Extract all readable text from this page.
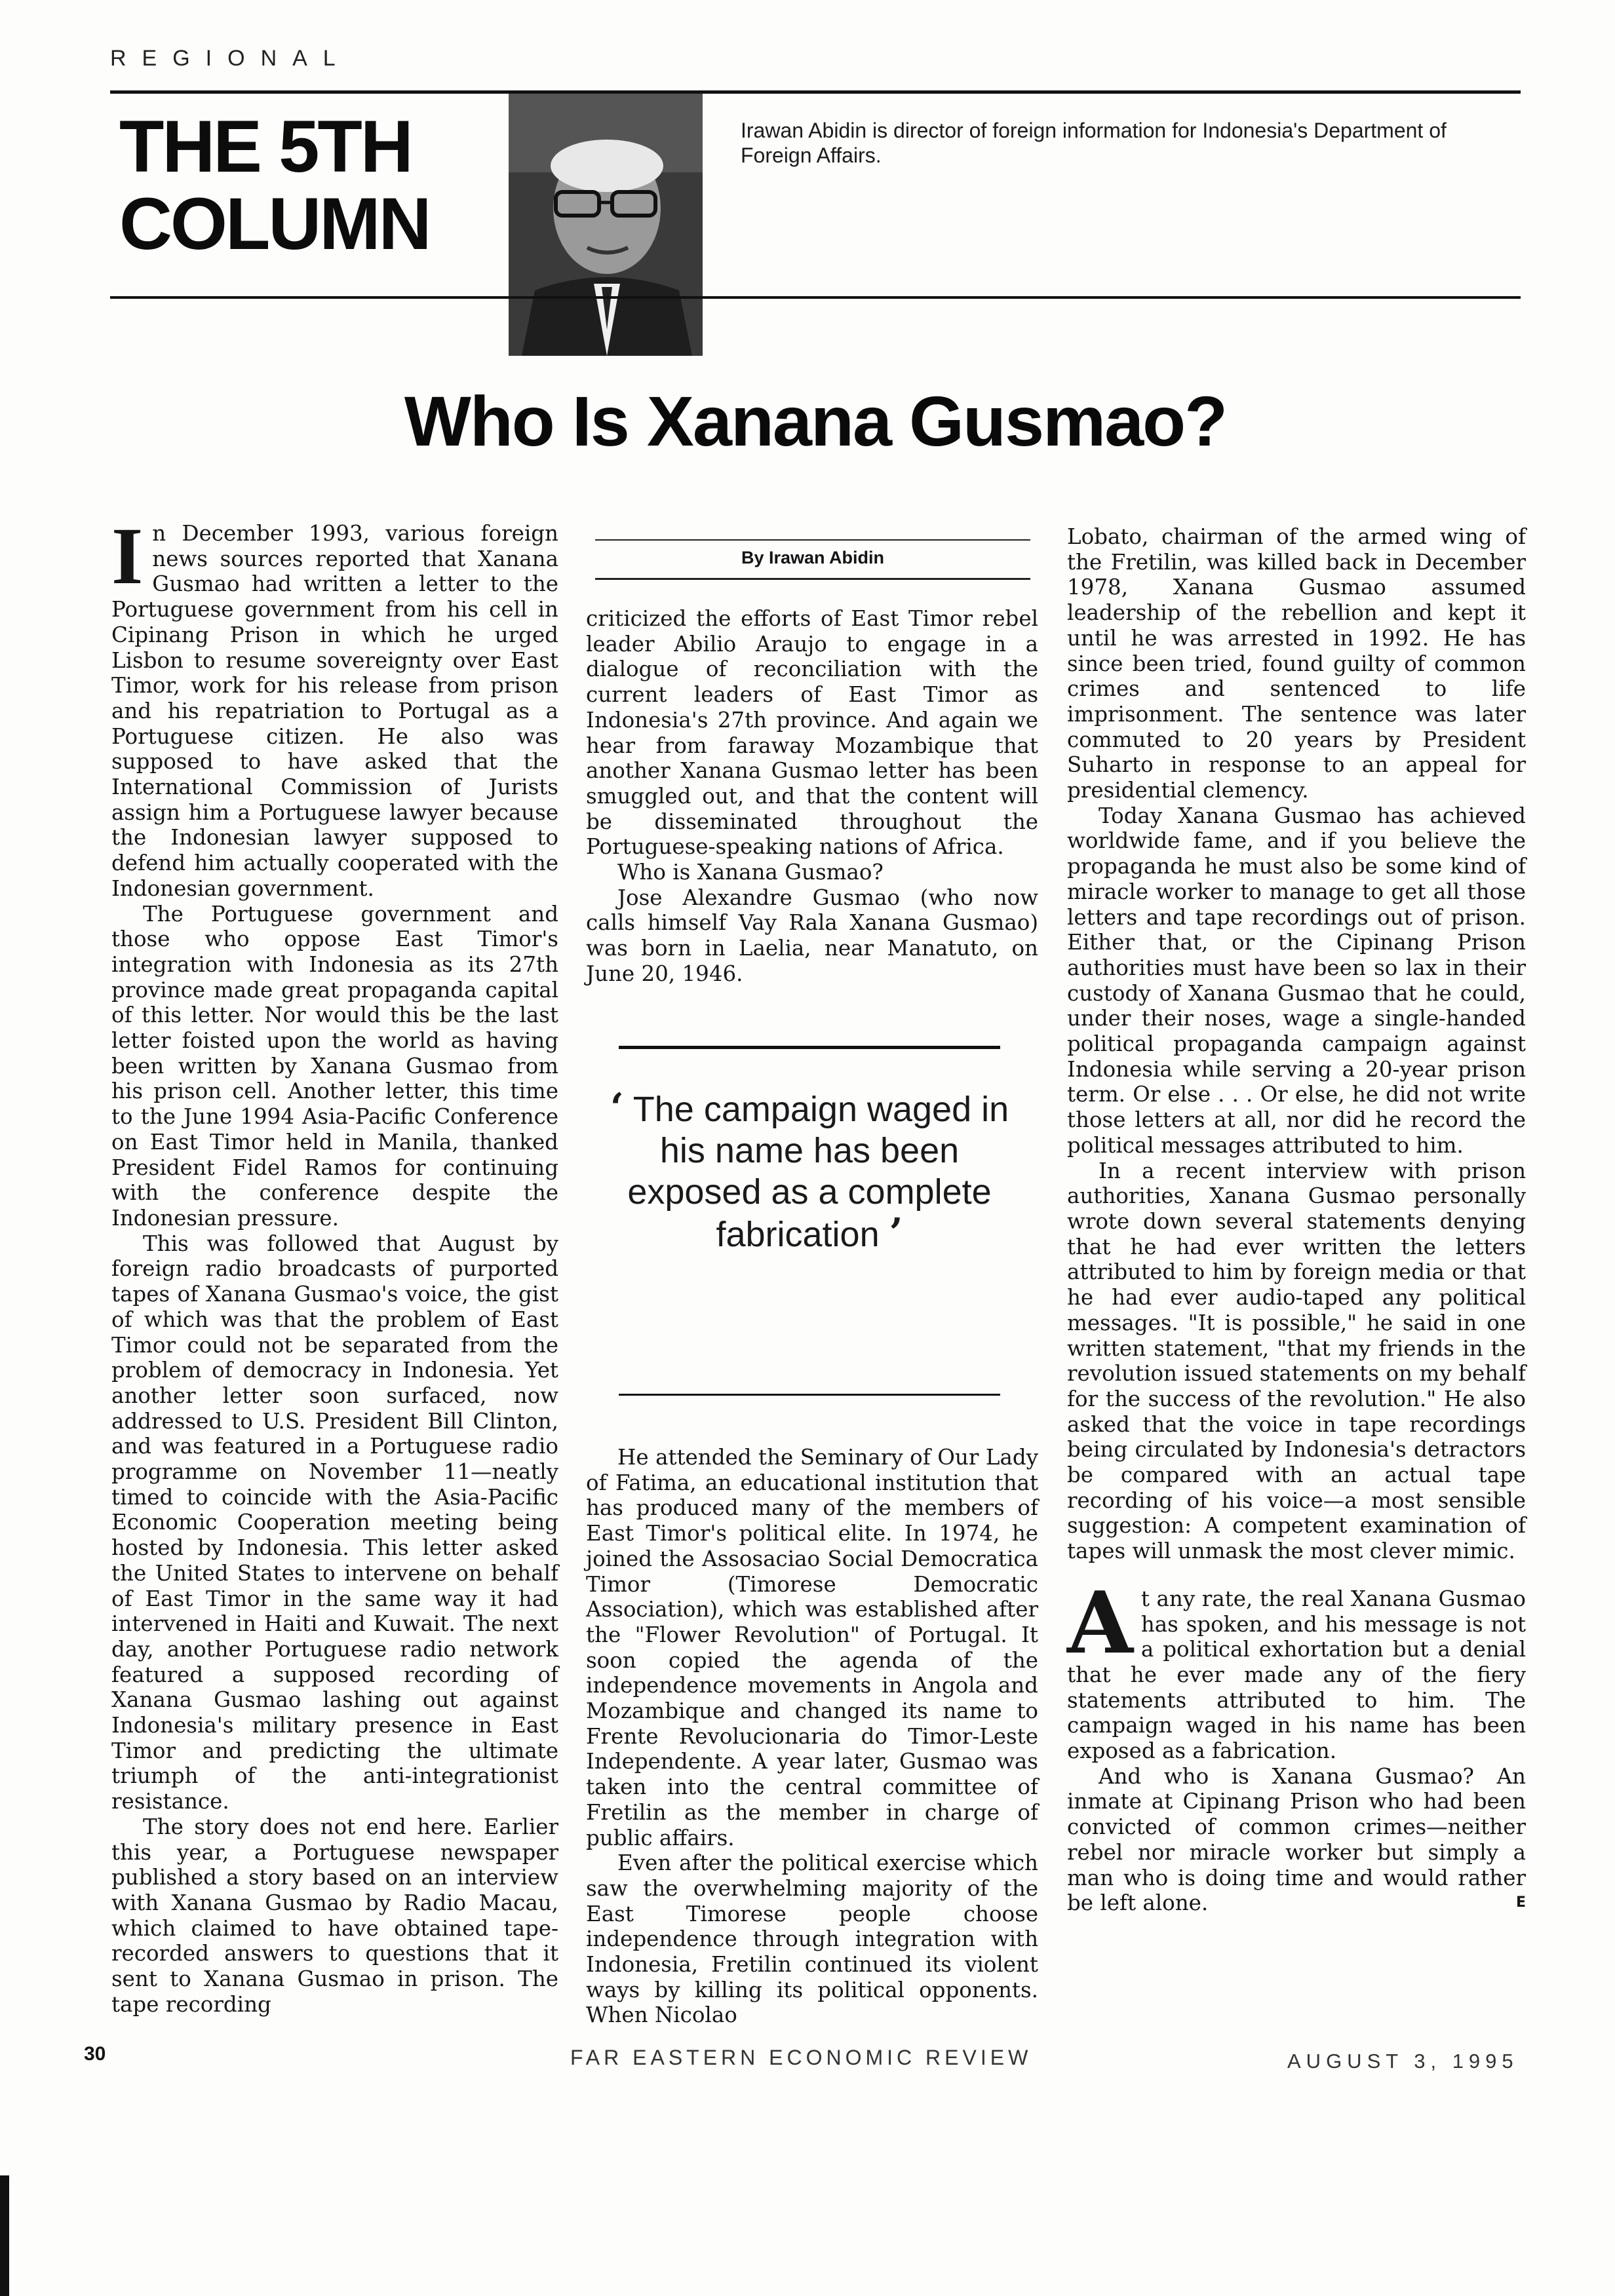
REGIONAL
THE 5TH
COLUMN
Irawan Abidin is director of foreign information for Indonesia's Department of Foreign Affairs.
Who Is Xanana Gusmao?

In December 1993, various foreign news sources reported that Xanana Gusmao had written a letter to the Portuguese government from his cell in Cipinang Prison in which he urged Lisbon to resume sovereignty over East Timor, work for his release from prison and his repatriation to Portugal as a Portuguese citizen. He also was supposed to have asked that the International Commission of Jurists assign him a Portuguese lawyer because the Indonesian lawyer supposed to defend him actually cooperated with the Indonesian government.

The Portuguese government and those who oppose East Timor's integration with Indonesia as its 27th province made great propaganda capital of this letter. Nor would this be the last letter foisted upon the world as having been written by Xanana Gusmao from his prison cell. Another letter, this time to the June 1994 Asia-Pacific Conference on East Timor held in Manila, thanked President Fidel Ramos for continuing with the conference despite the Indonesian pressure.

This was followed that August by foreign radio broadcasts of purported tapes of Xanana Gusmao's voice, the gist of which was that the problem of East Timor could not be separated from the problem of democracy in Indonesia. Yet another letter soon surfaced, now addressed to U.S. President Bill Clinton, and was featured in a Portuguese radio programme on November 11—neatly timed to coincide with the Asia-Pacific Economic Cooperation meeting being hosted by Indonesia. This letter asked the United States to intervene on behalf of East Timor in the same way it had intervened in Haiti and Kuwait. The next day, another Portuguese radio network featured a supposed recording of Xanana Gusmao lashing out against Indonesia's military presence in East Timor and predicting the ultimate triumph of the anti-integrationist resistance.

The story does not end here. Earlier this year, a Portuguese newspaper published a story based on an interview with Xanana Gusmao by Radio Macau, which claimed to have obtained tape-recorded answers to questions that it sent to Xanana Gusmao in prison. The tape recording

By Irawan Abidin

criticized the efforts of East Timor rebel leader Abilio Araujo to engage in a dialogue of reconciliation with the current leaders of East Timor as Indonesia's 27th province. And again we hear from faraway Mozambique that another Xanana Gusmao letter has been smuggled out, and that the content will be disseminated throughout the Portuguese-speaking nations of Africa.

Who is Xanana Gusmao?

Jose Alexandre Gusmao (who now calls himself Vay Rala Xanana Gusmao) was born in Laelia, near Manatuto, on June 20, 1946.

‘ The campaign waged in his name has been exposed as a complete fabrication ’

He attended the Seminary of Our Lady of Fatima, an educational institution that has produced many of the members of East Timor's political elite. In 1974, he joined the Assosaciao Social Democratica Timor (Timorese Democratic Association), which was established after the "Flower Revolution" of Portugal. It soon copied the agenda of the independence movements in Angola and Mozambique and changed its name to Frente Revolucionaria do Timor-Leste Independente. A year later, Gusmao was taken into the central committee of Fretilin as the member in charge of public affairs.

Even after the political exercise which saw the overwhelming majority of the East Timorese people choose independence through integration with Indonesia, Fretilin continued its violent ways by killing its political opponents. When Nicolao

Lobato, chairman of the armed wing of the Fretilin, was killed back in December 1978, Xanana Gusmao assumed leadership of the rebellion and kept it until he was arrested in 1992. He has since been tried, found guilty of common crimes and sentenced to life imprisonment. The sentence was later commuted to 20 years by President Suharto in response to an appeal for presidential clemency.

Today Xanana Gusmao has achieved worldwide fame, and if you believe the propaganda he must also be some kind of miracle worker to manage to get all those letters and tape recordings out of prison. Either that, or the Cipinang Prison authorities must have been so lax in their custody of Xanana Gusmao that he could, under their noses, wage a single-handed political propaganda campaign against Indonesia while serving a 20-year prison term. Or else . . . Or else, he did not write those letters at all, nor did he record the political messages attributed to him.

In a recent interview with prison authorities, Xanana Gusmao personally wrote down several statements denying that he had ever written the letters attributed to him by foreign media or that he had ever audio-taped any political messages. "It is possible," he said in one written statement, "that my friends in the revolution issued statements on my behalf for the success of the revolution." He also asked that the voice in tape recordings being circulated by Indonesia's detractors be compared with an actual tape recording of his voice—a most sensible suggestion: A competent examination of tapes will unmask the most clever mimic.

At any rate, the real Xanana Gusmao has spoken, and his message is not a political exhortation but a denial that he ever made any of the fiery statements attributed to him. The campaign waged in his name has been exposed as a fabrication.

And who is Xanana Gusmao? An inmate at Cipinang Prison who had been convicted of common crimes—neither rebel nor miracle worker but simply a man who is doing time and would rather be left alone.	E

30	FAR EASTERN ECONOMIC REVIEW	AUGUST 3, 1995
